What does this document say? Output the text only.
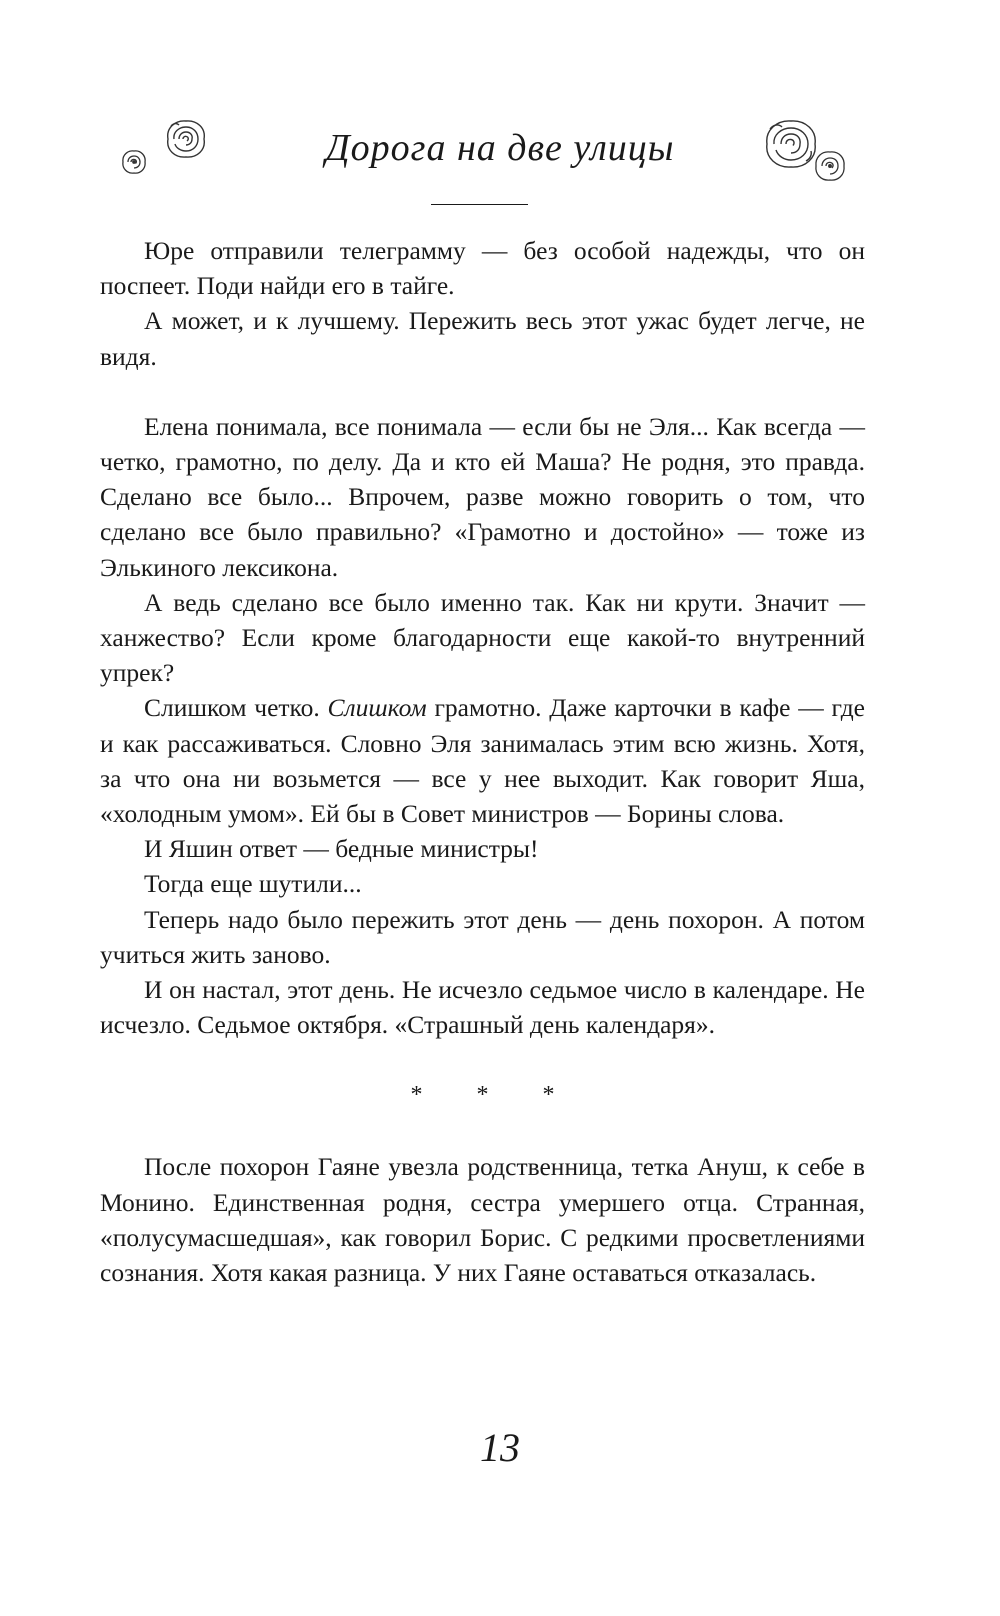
Дорога на две улицы

Юре отправили телеграмму — без особой надежды, что он поспеет. Поди найди его в тайге.

А может, и к лучшему. Пережить весь этот ужас будет легче, не видя.

Елена понимала, все понимала — если бы не Эля... Как всегда — четко, грамотно, по делу. Да и кто ей Маша? Не родня, это правда. Сделано все было... Впрочем, разве можно говорить о том, что сделано все было правильно? «Грамотно и достойно» — тоже из Элькиного лексикона.

А ведь сделано все было именно так. Как ни крути. Значит — ханжество? Если кроме благодарности еще какой-то внутренний упрек?

Слишком четко. Слишком грамотно. Даже карточки в кафе — где и как рассаживаться. Словно Эля занималась этим всю жизнь. Хотя, за что она ни возьмется — все у нее выходит. Как говорит Яша, «холодным умом». Ей бы в Совет министров — Борины слова.

И Яшин ответ — бедные министры!

Тогда еще шутили...

Теперь надо было пережить этот день — день похорон. А потом учиться жить заново.

И он настал, этот день. Не исчезло седьмое число в календаре. Не исчезло. Седьмое октября. «Страшный день календаря».

* * *

После похорон Гаяне увезла родственница, тетка Ануш, к себе в Монино. Единственная родня, сестра умершего отца. Странная, «полусумасшедшая», как говорил Борис. С редкими просветлениями сознания. Хотя какая разница. У них Гаяне оставаться отказалась.

13
